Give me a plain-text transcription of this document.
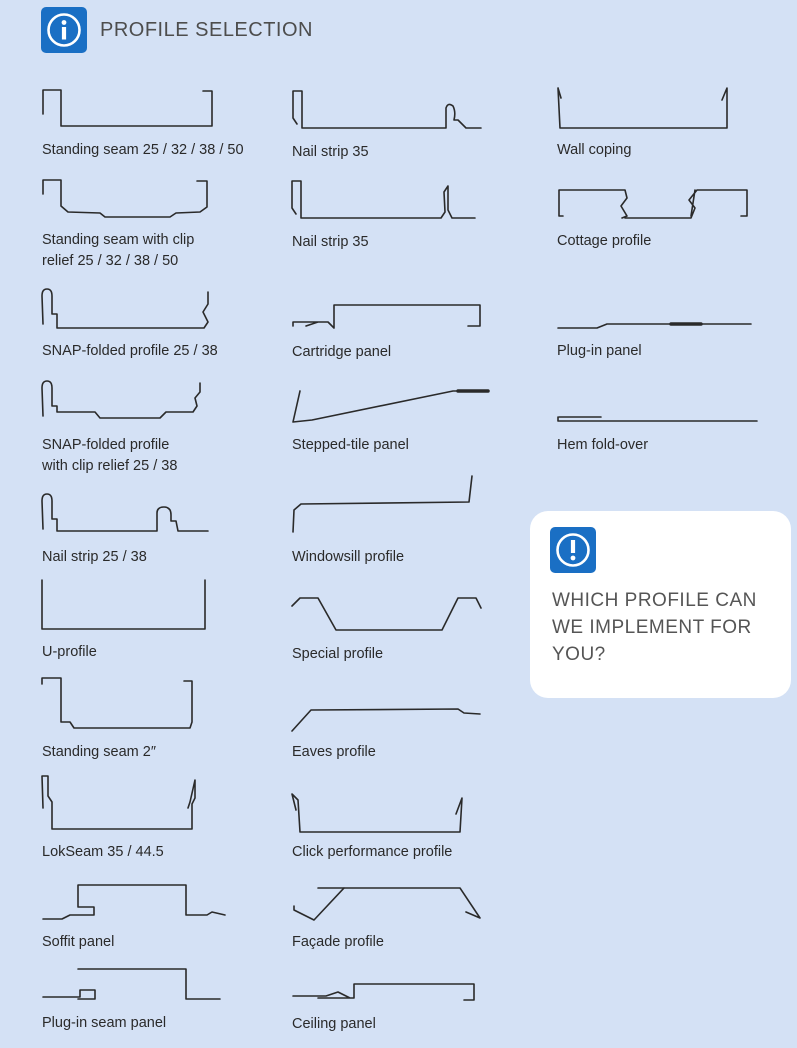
PROFILE SELECTION
Standing seam 25 / 32 / 38 / 50
Standing seam with clip
relief 25 / 32 / 38 / 50
SNAP-folded profile 25 / 38
SNAP-folded profile
with clip relief 25 / 38
Nail strip 25 / 38
U-profile
Standing seam 2″
LokSeam 35 / 44.5
Soffit panel
Plug-in seam panel
Nail strip 35
Nail strip 35
Cartridge panel
Stepped-tile panel
Windowsill profile
Special profile
Eaves profile
Click performance profile
Façade profile
Ceiling panel
Wall coping
Cottage profile
Plug-in panel
Hem fold-over
WHICH PROFILE CAN WE IMPLEMENT FOR YOU?
